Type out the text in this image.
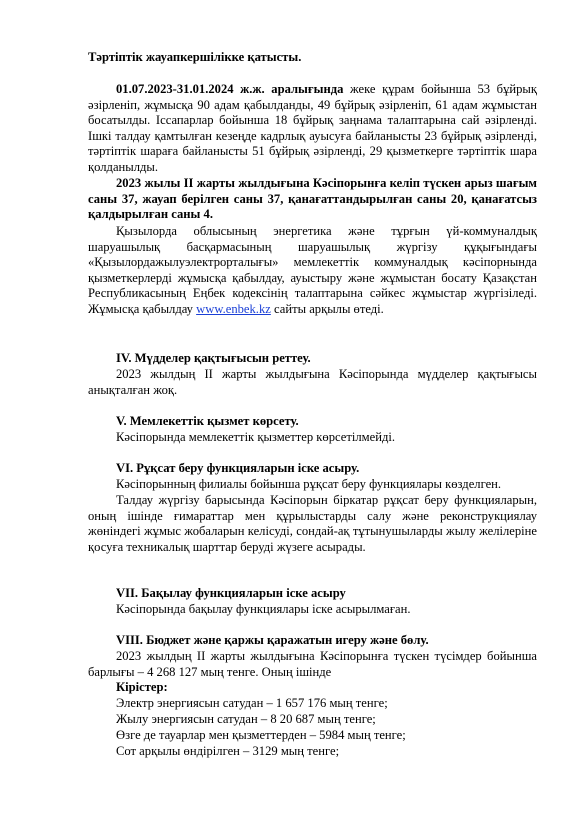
Тәртіптік жауапкершілікке қатысты.

01.07.2023-31.01.2024 ж.ж. аралығында жеке құрам бойынша 53 бұйрық әзірленіп, жұмысқа 90 адам қабылданды, 49 бұйрық әзірленіп, 61 адам жұмыстан босатылды. Іссапарлар бойынша 18 бұйрық заңнама талаптарына сай әзірленді. Ішкі талдау қамтылған кезеңде кадрлық ауысуға байланысты 23 бұйрық әзірленді, тәртіптік шараға байланысты 51 бұйрық әзірленді, 29 қызметкерге тәртіптік шара қолданылды.

2023 жылы II жарты жылдығына Кәсіпорынға келіп түскен арыз шағым саны 37, жауап берілген саны 37, қанағаттандырылған саны 20, қанағатсыз қалдырылған саны 4.

Қызылорда облысының энергетика және тұрғын үй-коммуналдық шаруашылық басқармасының шаруашылық жүргізу құқығындағы «Қызылордажылуэлектрорталығы» мемлекеттік коммуналдық кәсіпорнында қызметкерлерді жұмысқа қабылдау, ауыстыру және жұмыстан босату Қазақстан Республикасының Еңбек кодексінің талаптарына сәйкес жұмыстар жүргізіледі. Жұмысқа қабылдау www.enbek.kz сайты арқылы өтеді.

IV. Мүдделер қақтығысын реттеу.

2023 жылдың II жарты жылдығына Кәсіпорында мүдделер қақтығысы анықталған жоқ.

V. Мемлекеттік қызмет көрсету.

Кәсіпорында мемлекеттік қызметтер көрсетілмейді.

VI. Рұқсат беру функцияларын іске асыру.

Кәсіпорынның филиалы бойынша рұқсат беру функциялары көзделген.

Талдау жүргізу барысында Кәсіпорын біркатар рұқсат беру функцияларын, оның ішінде ғимараттар мен құрылыстарды салу және реконструкциялау жөніндегі жұмыс жобаларын келісуді, сондай-ақ тұтынушыларды жылу желілеріне қосуға техникалық шарттар беруді жүзеге асырады.

VII. Бақылау функцияларын іске асыру

Кәсіпорында бақылау функциялары іске асырылмаған.

VIII. Бюджет және қаржы қаражатын игеру және бөлу.

2023 жылдың II жарты жылдығына Кәсіпорынға түскен түсімдер бойынша барлығы – 4 268 127 мың тенге. Оның ішінде

Кірістер:

Электр энергиясын сатудан – 1 657 176 мың тенге;

Жылу энергиясын сатудан – 8 20 687 мың тенге;

Өзге де тауарлар мен қызметтерден – 5984 мың тенге;

Сот арқылы өндірілген – 3129 мың тенге;
